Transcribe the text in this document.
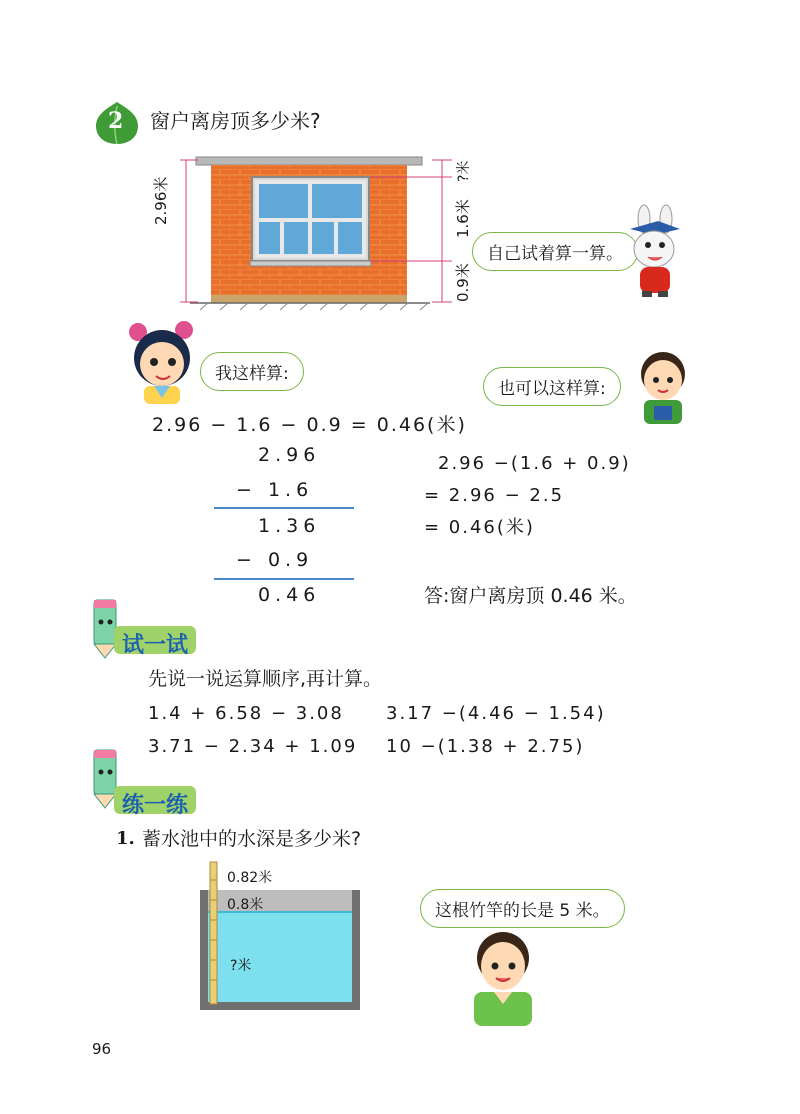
2 窗户离房顶多少米?
2.96米
?米
1.6米
0.9米
自己试着算一算。
我这样算:
也可以这样算:
2.96 − 1.6 − 0.9 = 0.46(米)
2.96
− 1.6
1.36
− 0.9
0.46
2.96 −(1.6 + 0.9)
= 2.96 − 2.5
= 0.46(米)
答:窗户离房顶 0.46 米。
试一试
先说一说运算顺序,再计算。
1.4 + 6.58 − 3.08 3.17 −(4.46 − 1.54)
3.71 − 2.34 + 1.09 10 −(1.38 + 2.75)
练一练
1. 蓄水池中的水深是多少米?
0.82米
0.8米
?米
这根竹竿的长是 5 米。
96
